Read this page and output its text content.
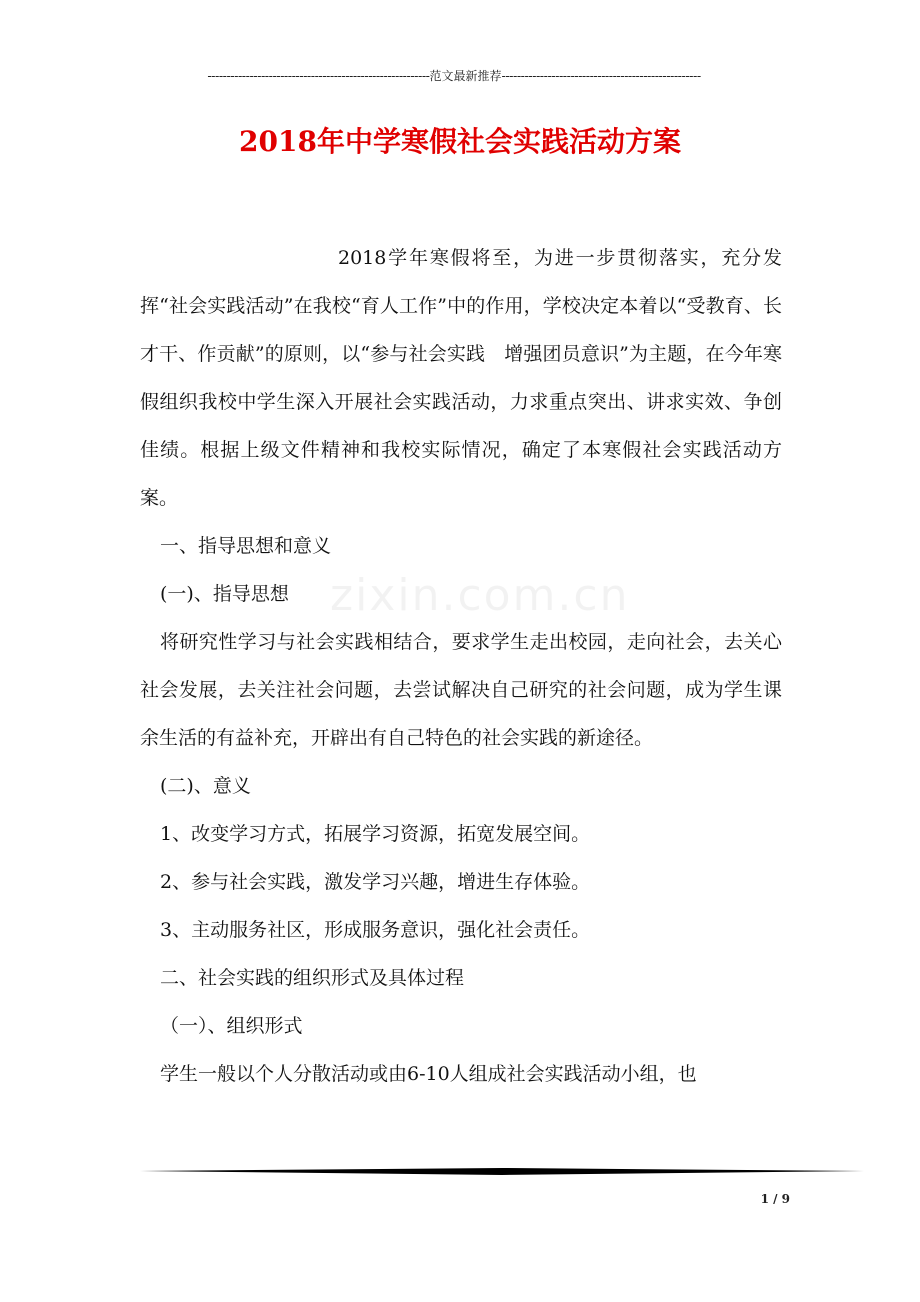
----------------------------------------------------------范文最新推荐----------------------------------------------------
zixin.com.cn
2018年中学寒假社会实践活动方案

2018学年寒假将至，为进一步贯彻落实，充分发挥“社会实践活动”在我校“育人工作”中的作用，学校决定本着以“受教育、长才干、作贡献”的原则，以“参与社会实践　增强团员意识”为主题，在今年寒假组织我校中学生深入开展社会实践活动，力求重点突出、讲求实效、争创佳绩。根据上级文件精神和我校实际情况，确定了本寒假社会实践活动方案。

一、指导思想和意义

(一)、指导思想

将研究性学习与社会实践相结合，要求学生走出校园，走向社会，去关心社会发展，去关注社会问题，去尝试解决自己研究的社会问题，成为学生课余生活的有益补充，开辟出有自己特色的社会实践的新途径。

(二)、意义

1、改变学习方式，拓展学习资源，拓宽发展空间。

2、参与社会实践，激发学习兴趣，增进生存体验。

3、主动服务社区，形成服务意识，强化社会责任。

二、社会实践的组织形式及具体过程

（一）、组织形式

学生一般以个人分散活动或由6-10人组成社会实践活动小组，也

1 / 9
